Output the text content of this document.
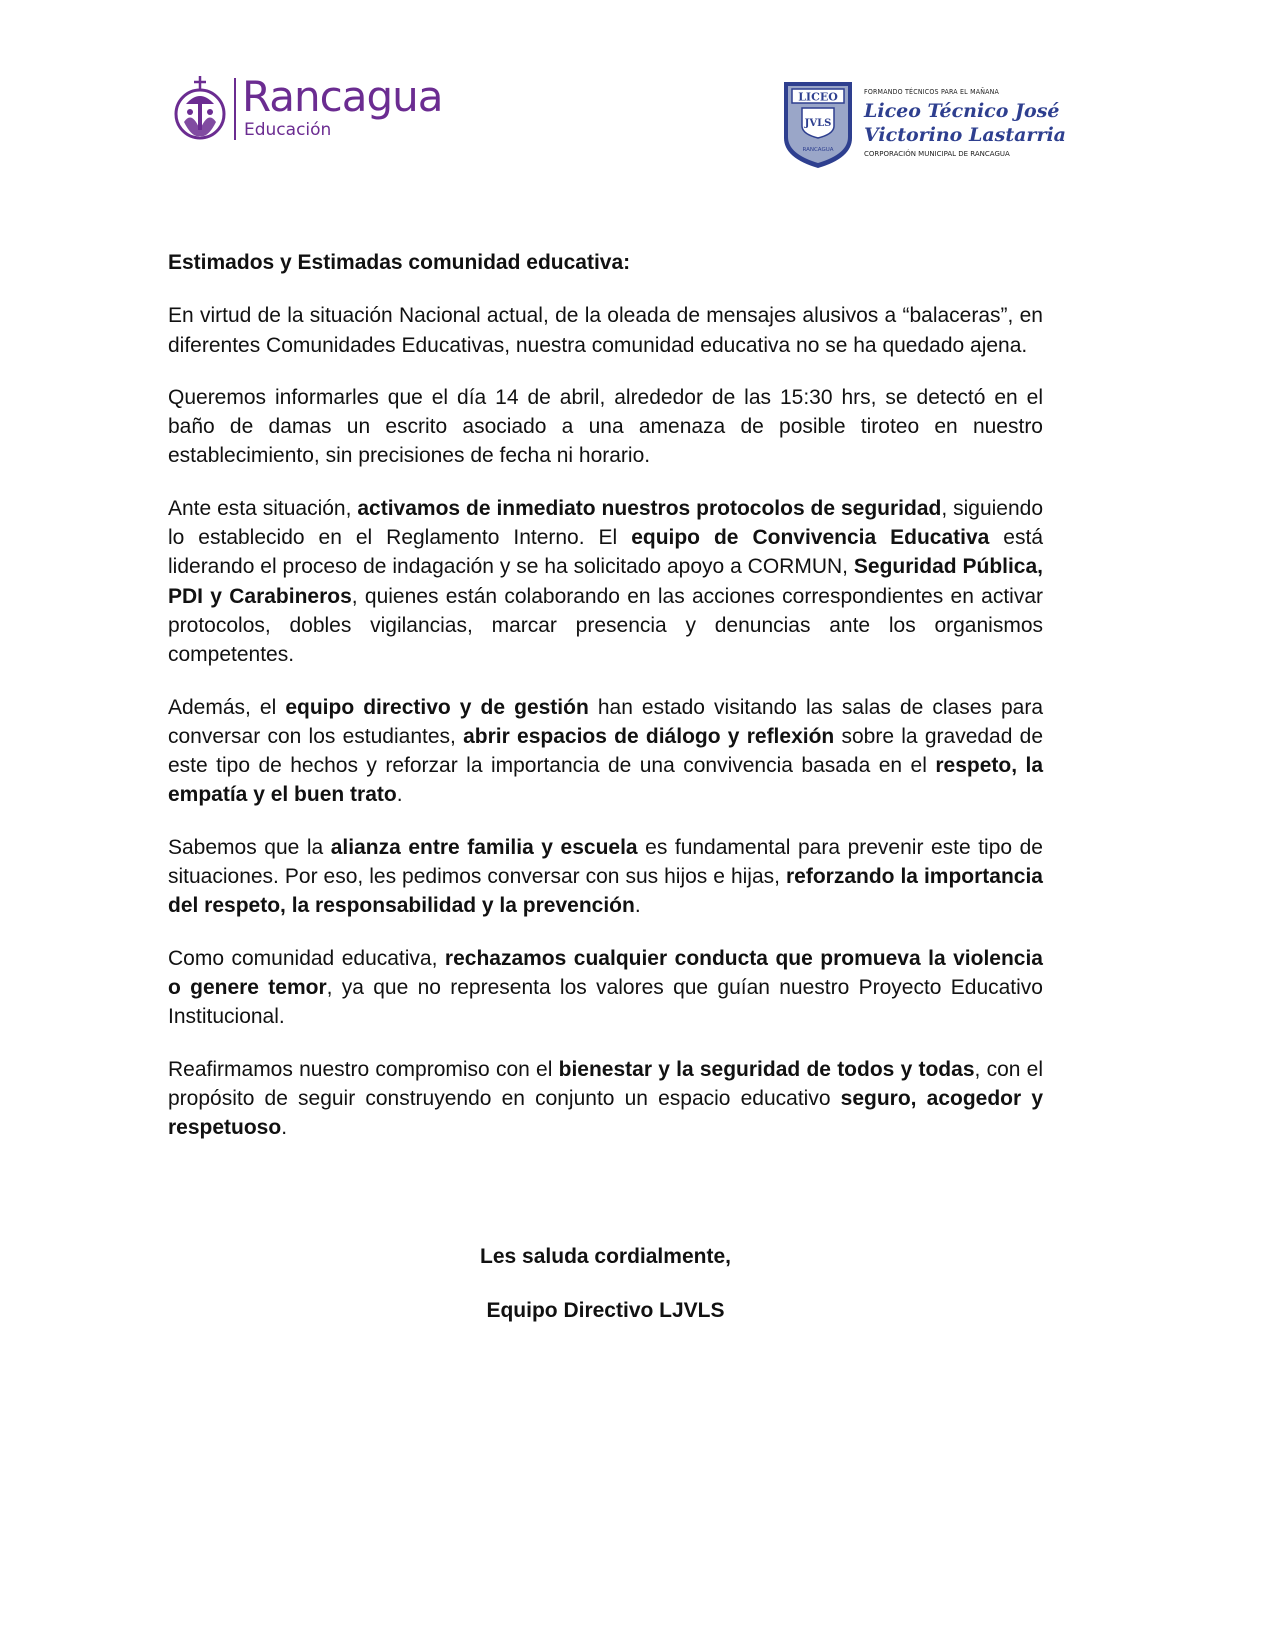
Rancagua
Educación
LICEO
JVLS
RANCAGUA
FORMANDO TÉCNICOS PARA EL MAÑANA
Liceo Técnico José
Victorino Lastarria
CORPORACIÓN MUNICIPAL DE RANCAGUA

Estimados y Estimadas comunidad educativa:

En virtud de la situación Nacional actual, de la oleada de mensajes alusivos a “balaceras”, en diferentes Comunidades Educativas, nuestra comunidad educativa no se ha quedado ajena.

Queremos informarles que el día 14 de abril, alrededor de las 15:30 hrs, se detectó en el baño de damas un escrito asociado a una amenaza de posible tiroteo en nuestro establecimiento, sin precisiones de fecha ni horario.

Ante esta situación, activamos de inmediato nuestros protocolos de seguridad, siguiendo lo establecido en el Reglamento Interno. El equipo de Convivencia Educativa está liderando el proceso de indagación y se ha solicitado apoyo a CORMUN, Seguridad Pública, PDI y Carabineros, quienes están colaborando en las acciones correspondientes en activar protocolos, dobles vigilancias, marcar presencia y denuncias ante los organismos competentes.

Además, el equipo directivo y de gestión han estado visitando las salas de clases para conversar con los estudiantes, abrir espacios de diálogo y reflexión sobre la gravedad de este tipo de hechos y reforzar la importancia de una convivencia basada en el respeto, la empatía y el buen trato.

Sabemos que la alianza entre familia y escuela es fundamental para prevenir este tipo de situaciones. Por eso, les pedimos conversar con sus hijos e hijas, reforzando la importancia del respeto, la responsabilidad y la prevención.

Como comunidad educativa, rechazamos cualquier conducta que promueva la violencia o genere temor, ya que no representa los valores que guían nuestro Proyecto Educativo Institucional.

Reafirmamos nuestro compromiso con el bienestar y la seguridad de todos y todas, con el propósito de seguir construyendo en conjunto un espacio educativo seguro, acogedor y respetuoso.

Les saluda cordialmente,
Equipo Directivo LJVLS
